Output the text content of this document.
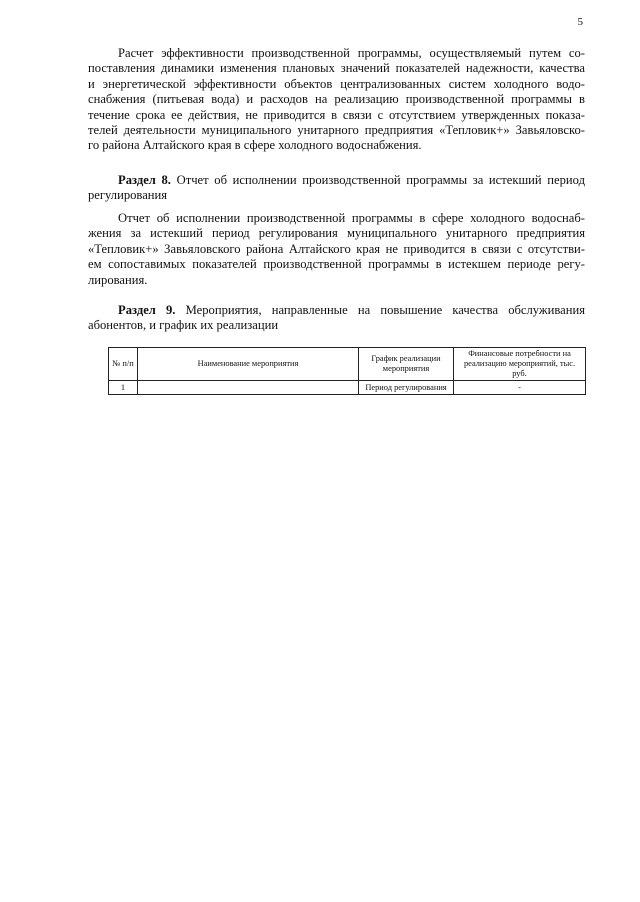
5
Расчет эффективности производственной программы, осуществляемый путем со-
поставления динамики изменения плановых значений показателей надежности, качества
и энергетической эффективности объектов централизованных систем холодного водо-
снабжения (питьевая вода) и расходов на реализацию производственной программы в
течение срока ее действия, не приводится в связи с отсутствием утвержденных показа-
телей деятельности муниципального унитарного предприятия «Тепловик+» Завьяловско-
го района Алтайского края в сфере холодного водоснабжения.
Раздел 8. Отчет об исполнении производственной программы за истекший период
регулирования
Отчет об исполнении производственной программы в сфере холодного водоснаб-
жения за истекший период регулирования муниципального унитарного предприятия
«Тепловик+» Завьяловского района Алтайского края не приводится в связи с отсутстви-
ем сопоставимых показателей производственной программы в истекшем периоде регу-
лирования.
Раздел 9. Мероприятия, направленные на повышение качества обслуживания
абонентов, и график их реализации
№ п/п	Наименование мероприятия	График реализации мероприятия	Финансовые потребности на реализацию мероприятий, тыс. руб.
1		Период регулирования	-
